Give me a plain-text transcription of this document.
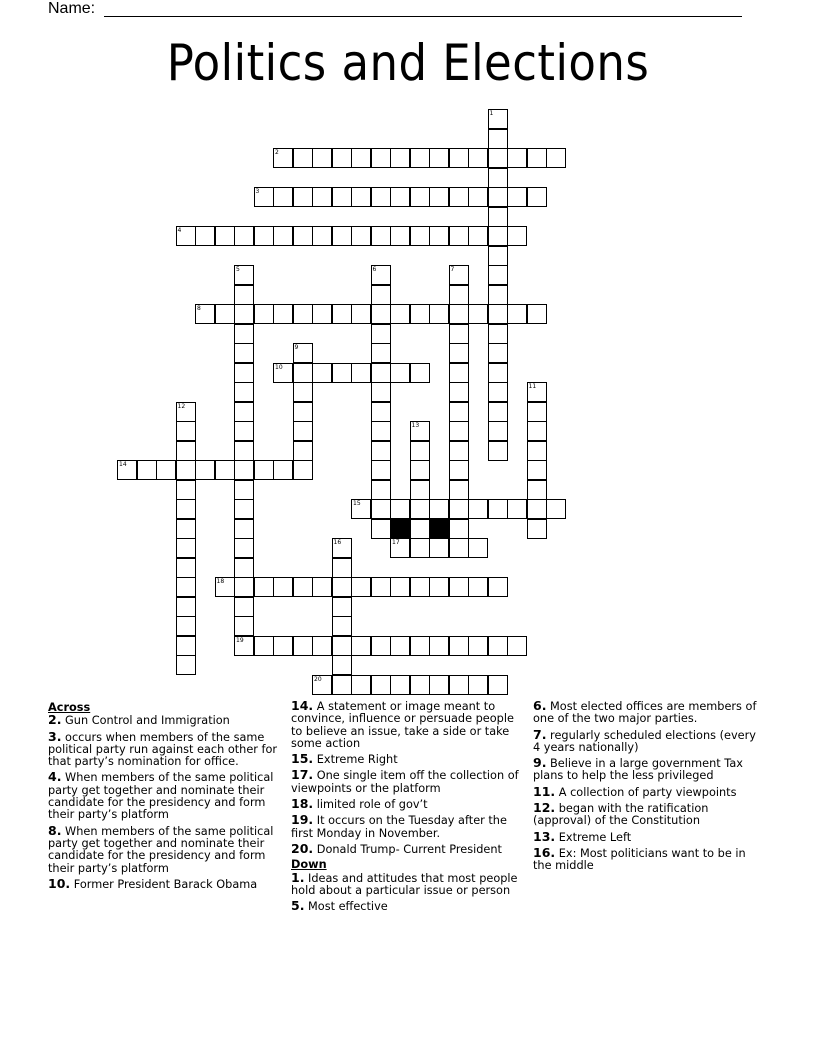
Name:
Politics and Elections
1
2
3
4
5	6	7
8
9
10
11
12
13
14
15
16	17
18
19
20
Across
2. Gun Control and Immigration
3. occurs when members of the same political party run against each other for that party’s nomination for office.
4. When members of the same political party get together and nominate their candidate for the presidency and form their party’s platform
8. When members of the same political party get together and nominate their candidate for the presidency and form their party’s platform
10. Former President Barack Obama
14. A statement or image meant to convince, influence or persuade people to believe an issue, take a side or take some action
15. Extreme Right
17. One single item off the collection of viewpoints or the platform
18. limited role of gov’t
19. It occurs on the Tuesday after the first Monday in November.
20. Donald Trump- Current President
Down
1. Ideas and attitudes that most people hold about a particular issue or person
5. Most effective
6. Most elected offices are members of one of the two major parties.
7. regularly scheduled elections (every 4 years nationally)
9. Believe in a large government Tax plans to help the less privileged
11. A collection of party viewpoints
12. began with the ratification (approval) of the Constitution
13. Extreme Left
16. Ex: Most politicians want to be in the middle
